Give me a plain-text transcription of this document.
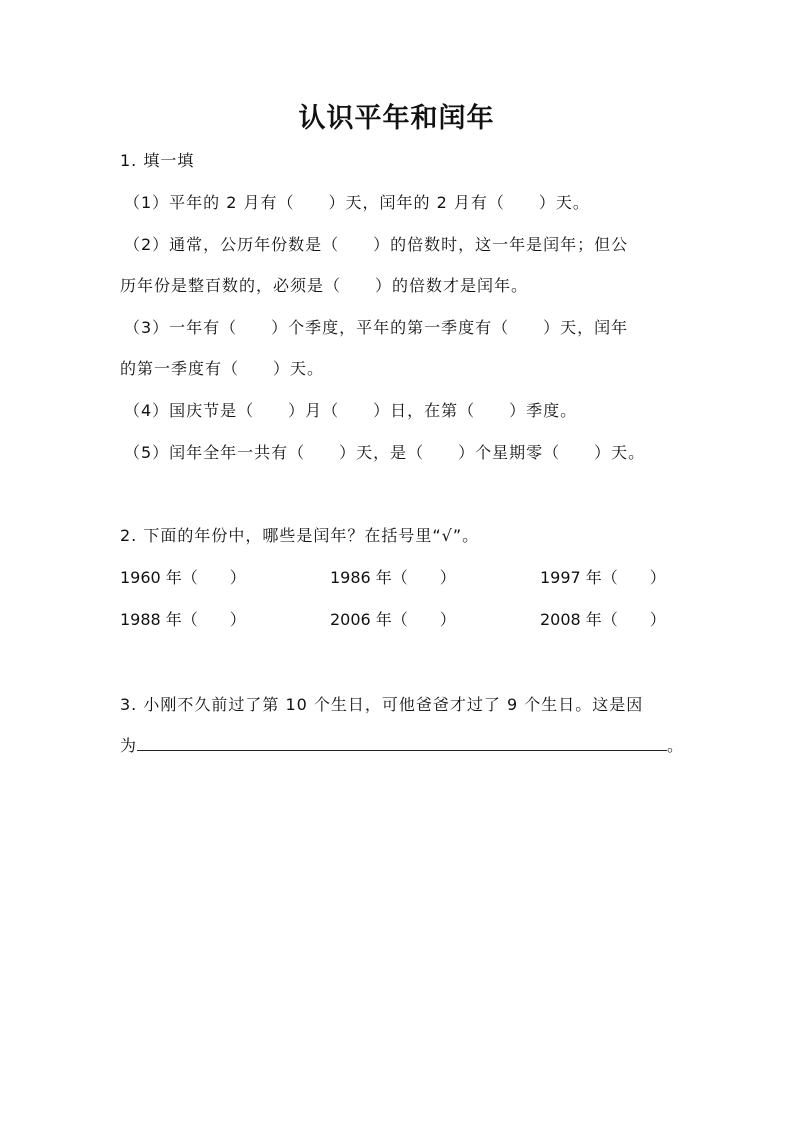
认识平年和闰年
1. 填一填
（1）平年的 2 月有（　　）天，闰年的 2 月有（　　）天。
（2）通常，公历年份数是（　　）的倍数时，这一年是闰年；但公
历年份是整百数的，必须是（　　）的倍数才是闰年。
（3）一年有（　　）个季度，平年的第一季度有（　　）天，闰年
的第一季度有（　　）天。
（4）国庆节是（　　）月（　　）日，在第（　　）季度。
（5）闰年全年一共有（　　）天，是（　　）个星期零（　　）天。
2. 下面的年份中，哪些是闰年？在括号里“√”。
1960 年（　　）	1986 年（　　）	1997 年（　　）
1988 年（　　）	2006 年（　　）	2008 年（　　）
3. 小刚不久前过了第 10 个生日，可他爸爸才过了 9 个生日。这是因
为	。
